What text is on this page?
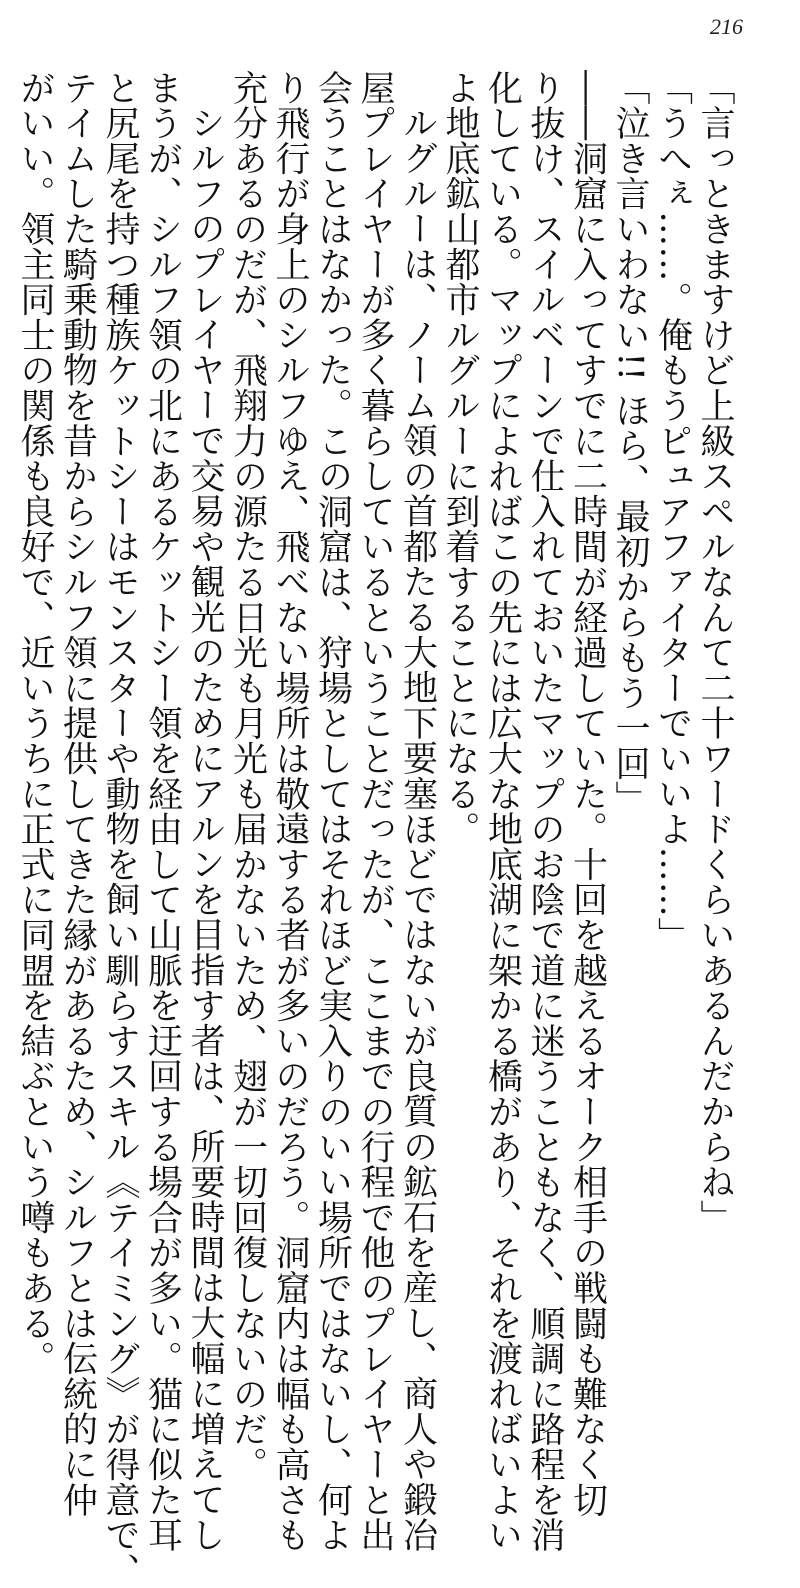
216
「言っときますけど上級スペルなんて二十ワードくらいあるんだからね」
「うへぇ……。俺もうピュアファイターでいいよ……」
「泣き言いわない!! ほら、最初からもう一回」
――洞窟に入ってすでに二時間が経過していた。十回を越えるオーク相手の戦闘も難なく切
り抜け、スイルベーンで仕入れておいたマップのお陰で道に迷うこともなく、順調に路程を消
化している。マップによればこの先には広大な地底湖に架かる橋があり、それを渡ればいよい
よ地底鉱山都市ルグルーに到着することになる。
ルグルーは、ノーム領の首都たる大地下要塞ほどではないが良質の鉱石を産し、商人や鍛冶
屋プレイヤーが多く暮らしているということだったが、ここまでの行程で他のプレイヤーと出
会うことはなかった。この洞窟は、狩場としてはそれほど実入りのいい場所ではないし、何よ
り飛行が身上のシルフゆえ、飛べない場所は敬遠する者が多いのだろう。洞窟内は幅も高さも
充分あるのだが、飛翔力の源たる日光も月光も届かないため、翅が一切回復しないのだ。
シルフのプレイヤーで交易や観光のためにアルンを目指す者は、所要時間は大幅に増えてし
まうが、シルフ領の北にあるケットシー領を経由して山脈を迂回する場合が多い。猫に似た耳
と尻尾を持つ種族ケットシーはモンスターや動物を飼い馴らすスキル《テイミング》が得意で、
テイムした騎乗動物を昔からシルフ領に提供してきた縁があるため、シルフとは伝統的に仲
がいい。領主同士の関係も良好で、近いうちに正式に同盟を結ぶという噂もある。
